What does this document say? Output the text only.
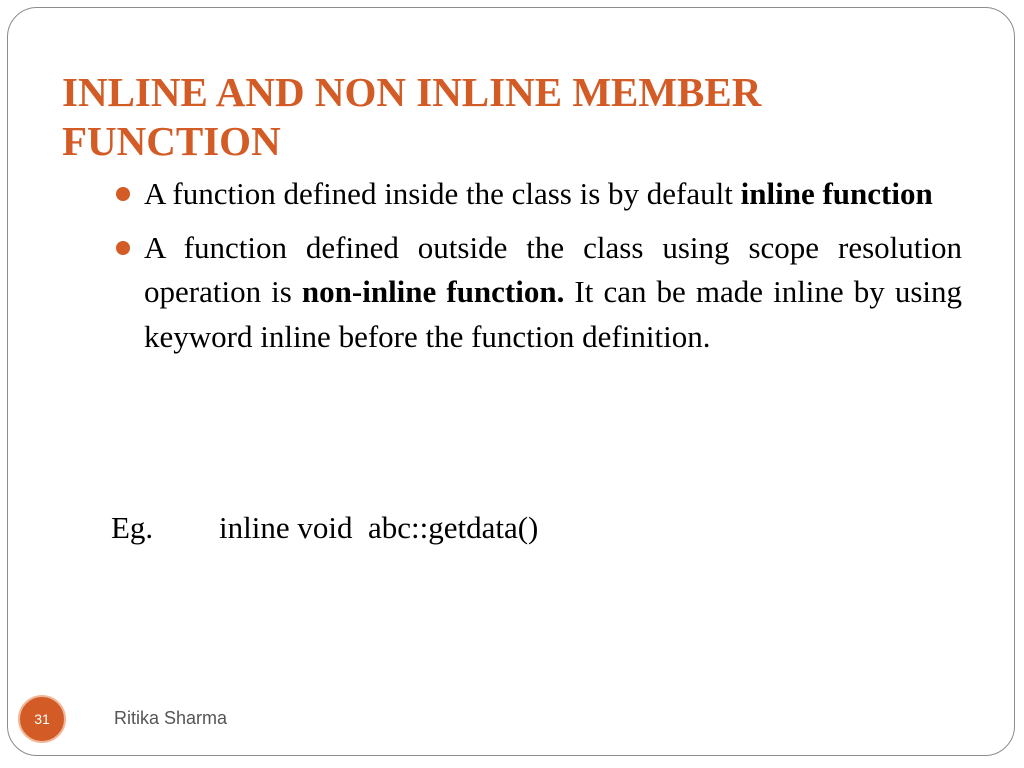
INLINE AND NON INLINE MEMBER FUNCTION
A function defined inside the class is by default inline function
A function defined outside the class using scope resolution operation is non-inline function. It can be made inline by using keyword inline before the function definition.
Eg. inline void  abc::getdata()
31	Ritika Sharma
